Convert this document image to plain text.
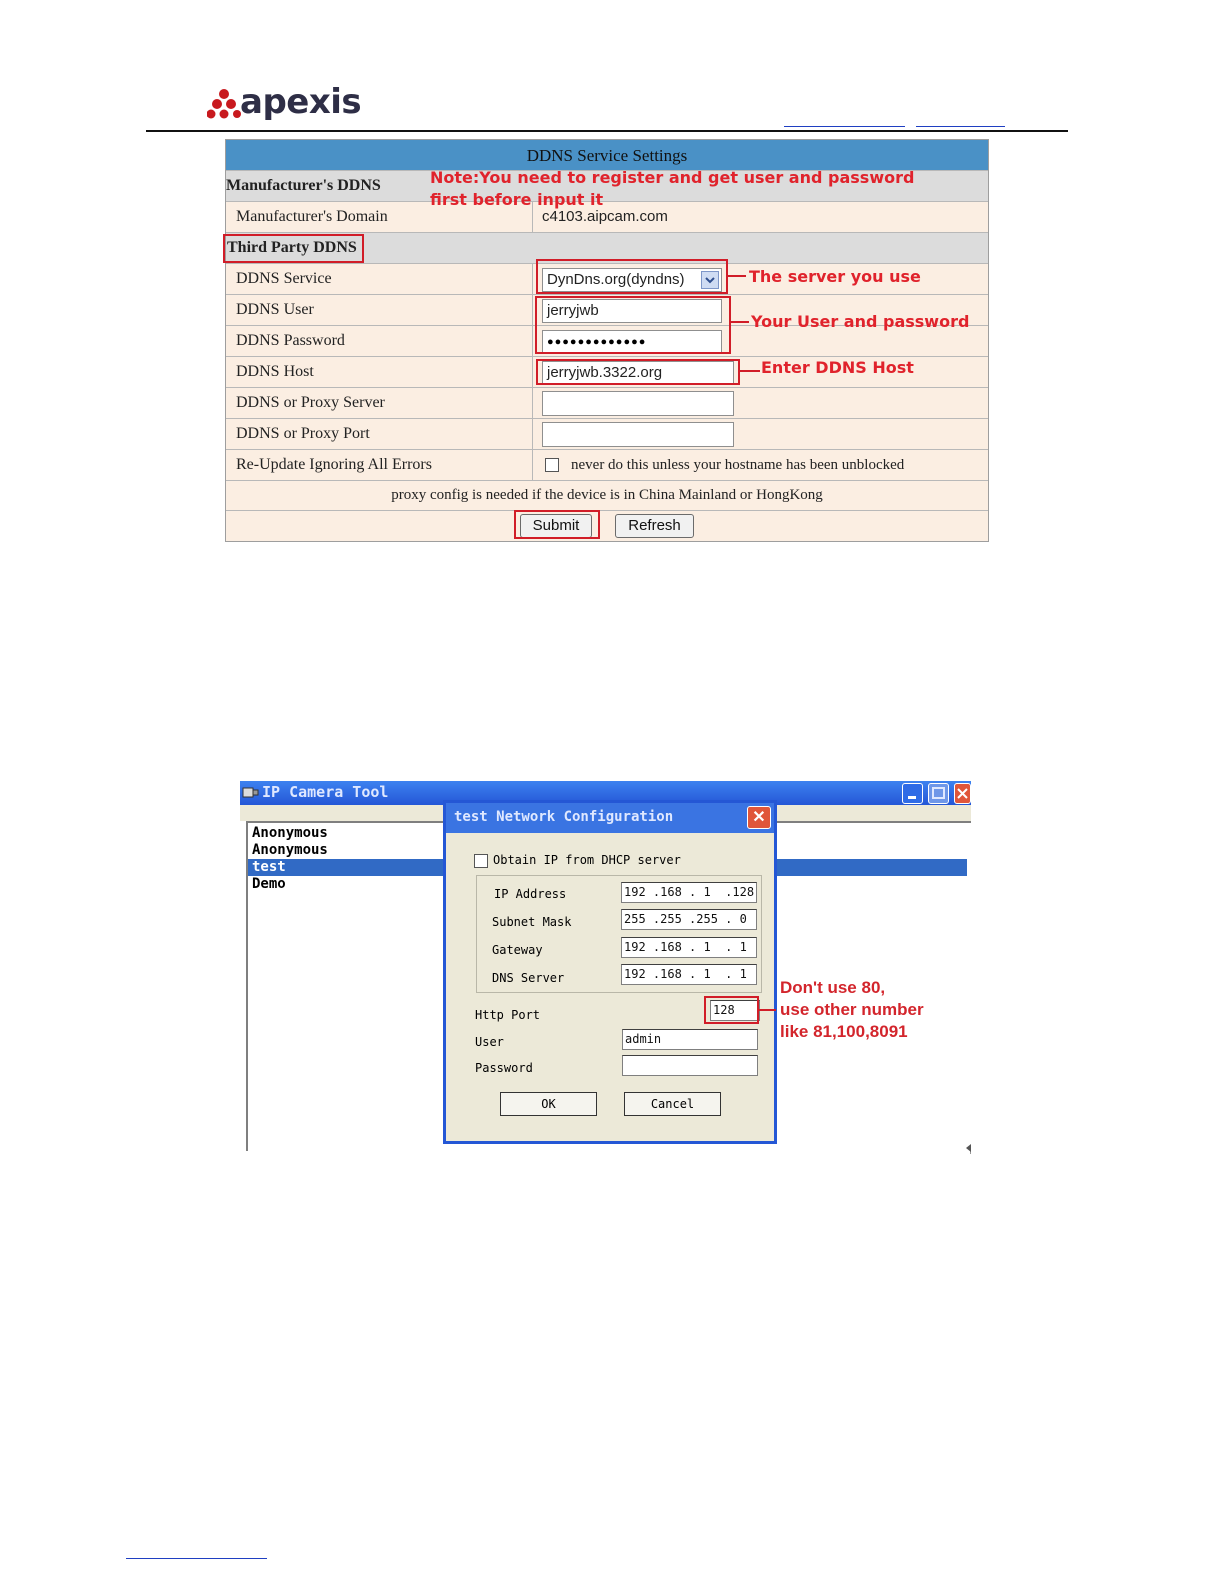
apexis
DDNS Service Settings
Manufacturer's DDNS
Manufacturer's Domain	c4103.aipcam.com
Third Party DDNS
DDNS Service	DynDns.org(dyndns)
DDNS User	jerryjwb
DDNS Password	●●●●●●●●●●●●●
DDNS Host	jerryjwb.3322.org
DDNS or Proxy Server
DDNS or Proxy Port
Re-Update Ignoring All Errors	never do this unless your hostname has been unblocked
proxy config is needed if the device is in China Mainland or HongKong
Submit	Refresh
Note:You need to register and get user and password
first before input it
The server you use
Your User and password
Enter DDNS Host
IP Camera Tool
Anonymous
Anonymous
test
Demo
test Network Configuration	✕
Obtain IP from DHCP server
IP Address	192 .168 . 1  .128
Subnet Mask	255 .255 .255 . 0
Gateway	192 .168 . 1  . 1
DNS Server	192 .168 . 1  . 1
Http Port	128
User	admin
Password
OK	Cancel
Don't use 80,
use other number
like 81,100,8091
